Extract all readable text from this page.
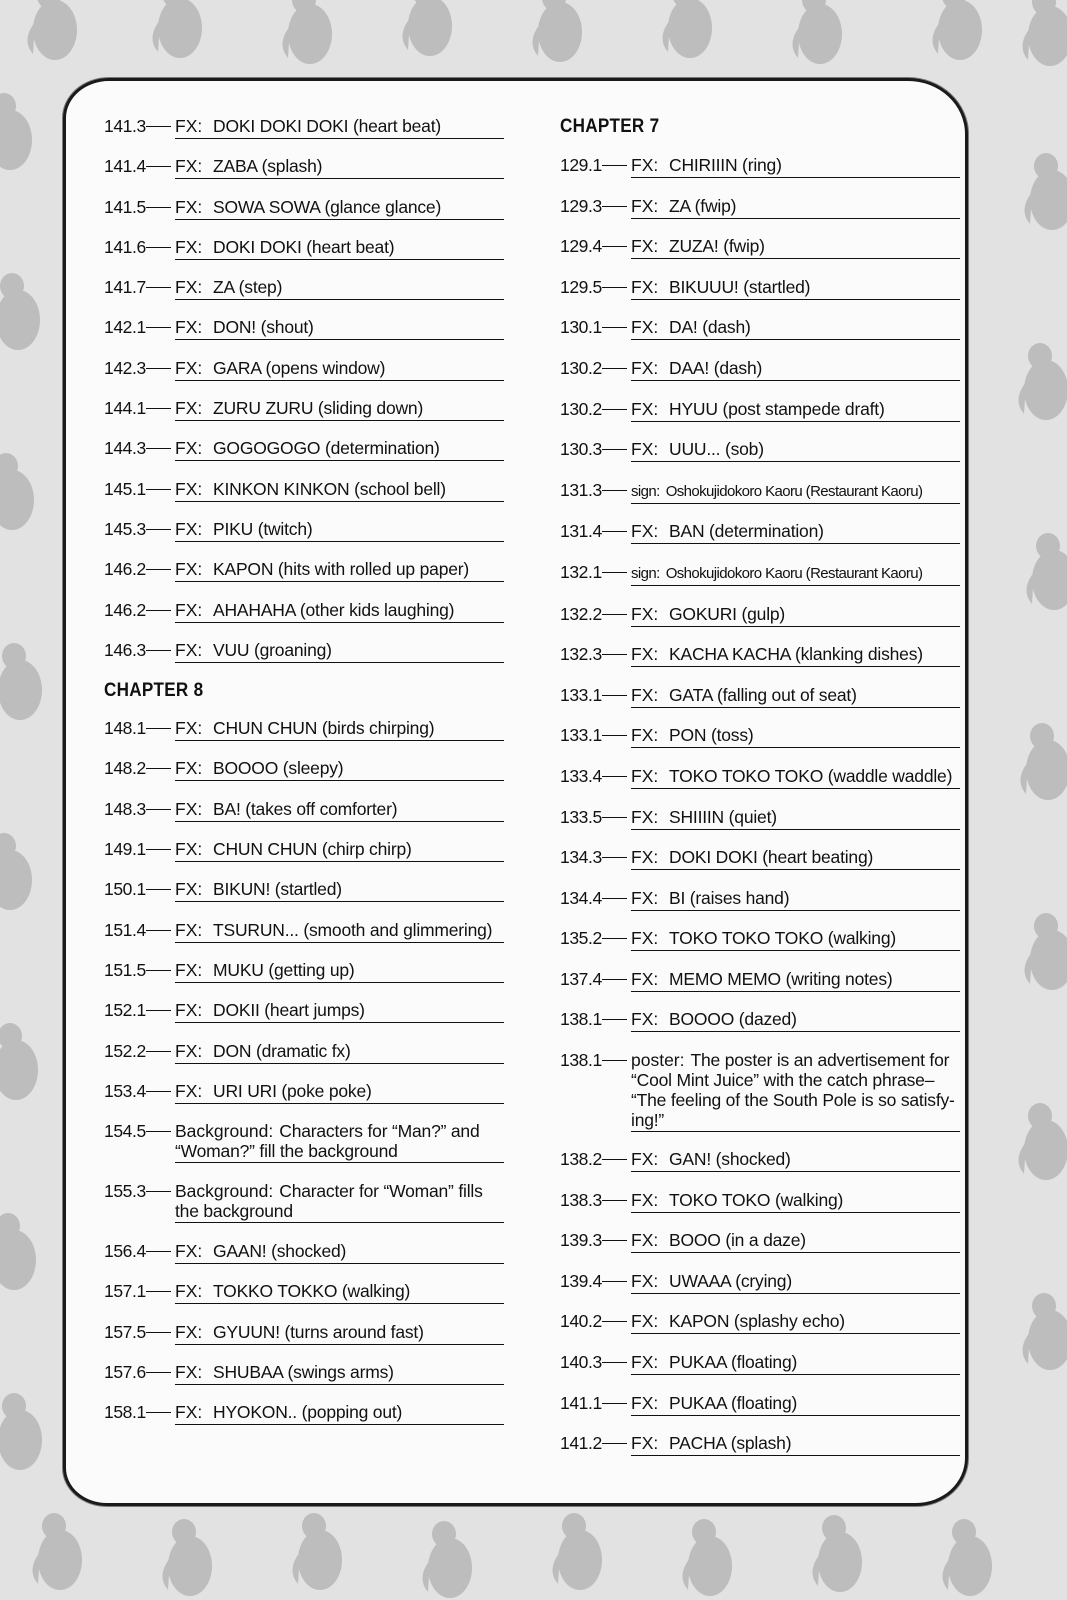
141.3 FX: DOKI DOKI DOKI (heart beat)
141.4 FX: ZABA (splash)
141.5 FX: SOWA SOWA (glance glance)
141.6 FX: DOKI DOKI (heart beat)
141.7 FX: ZA (step)
142.1 FX: DON! (shout)
142.3 FX: GARA (opens window)
144.1 FX: ZURU ZURU (sliding down)
144.3 FX: GOGOGOGO (determination)
145.1 FX: KINKON KINKON (school bell)
145.3 FX: PIKU (twitch)
146.2 FX: KAPON (hits with rolled up paper)
146.2 FX: AHAHAHA (other kids laughing)
146.3 FX: VUU (groaning)
CHAPTER 8
148.1 FX: CHUN CHUN (birds chirping)
148.2 FX: BOOOO (sleepy)
148.3 FX: BA! (takes off comforter)
149.1 FX: CHUN CHUN (chirp chirp)
150.1 FX: BIKUN! (startled)
151.4 FX: TSURUN... (smooth and glimmering)
151.5 FX: MUKU (getting up)
152.1 FX: DOKII (heart jumps)
152.2 FX: DON (dramatic fx)
153.4 FX: URI URI (poke poke)
154.5 Background: Characters for “Man?” and “Woman?” fill the background
155.3 Background: Character for “Woman” fills the background
156.4 FX: GAAN! (shocked)
157.1 FX: TOKKO TOKKO (walking)
157.5 FX: GYUUN! (turns around fast)
157.6 FX: SHUBAA (swings arms)
158.1 FX: HYOKON.. (popping out)
CHAPTER 7
129.1 FX: CHIRIIIN (ring)
129.3 FX: ZA (fwip)
129.4 FX: ZUZA! (fwip)
129.5 FX: BIKUUU! (startled)
130.1 FX: DA! (dash)
130.2 FX: DAA! (dash)
130.2 FX: HYUU (post stampede draft)
130.3 FX: UUU... (sob)
131.3 sign: Oshokujidokoro Kaoru (Restaurant Kaoru)
131.4 FX: BAN (determination)
132.1 sign: Oshokujidokoro Kaoru (Restaurant Kaoru)
132.2 FX: GOKURI (gulp)
132.3 FX: KACHA KACHA (klanking dishes)
133.1 FX: GATA (falling out of seat)
133.1 FX: PON (toss)
133.4 FX: TOKO TOKO TOKO (waddle waddle)
133.5 FX: SHIIIIN (quiet)
134.3 FX: DOKI DOKI (heart beating)
134.4 FX: BI (raises hand)
135.2 FX: TOKO TOKO TOKO (walking)
137.4 FX: MEMO MEMO (writing notes)
138.1 FX: BOOOO (dazed)
138.1 poster: The poster is an advertisement for “Cool Mint Juice” with the catch phrase– “The feeling of the South Pole is so satisfy-ing!”
138.2 FX: GAN! (shocked)
138.3 FX: TOKO TOKO (walking)
139.3 FX: BOOO (in a daze)
139.4 FX: UWAAA (crying)
140.2 FX: KAPON (splashy echo)
140.3 FX: PUKAA (floating)
141.1 FX: PUKAA (floating)
141.2 FX: PACHA (splash)
